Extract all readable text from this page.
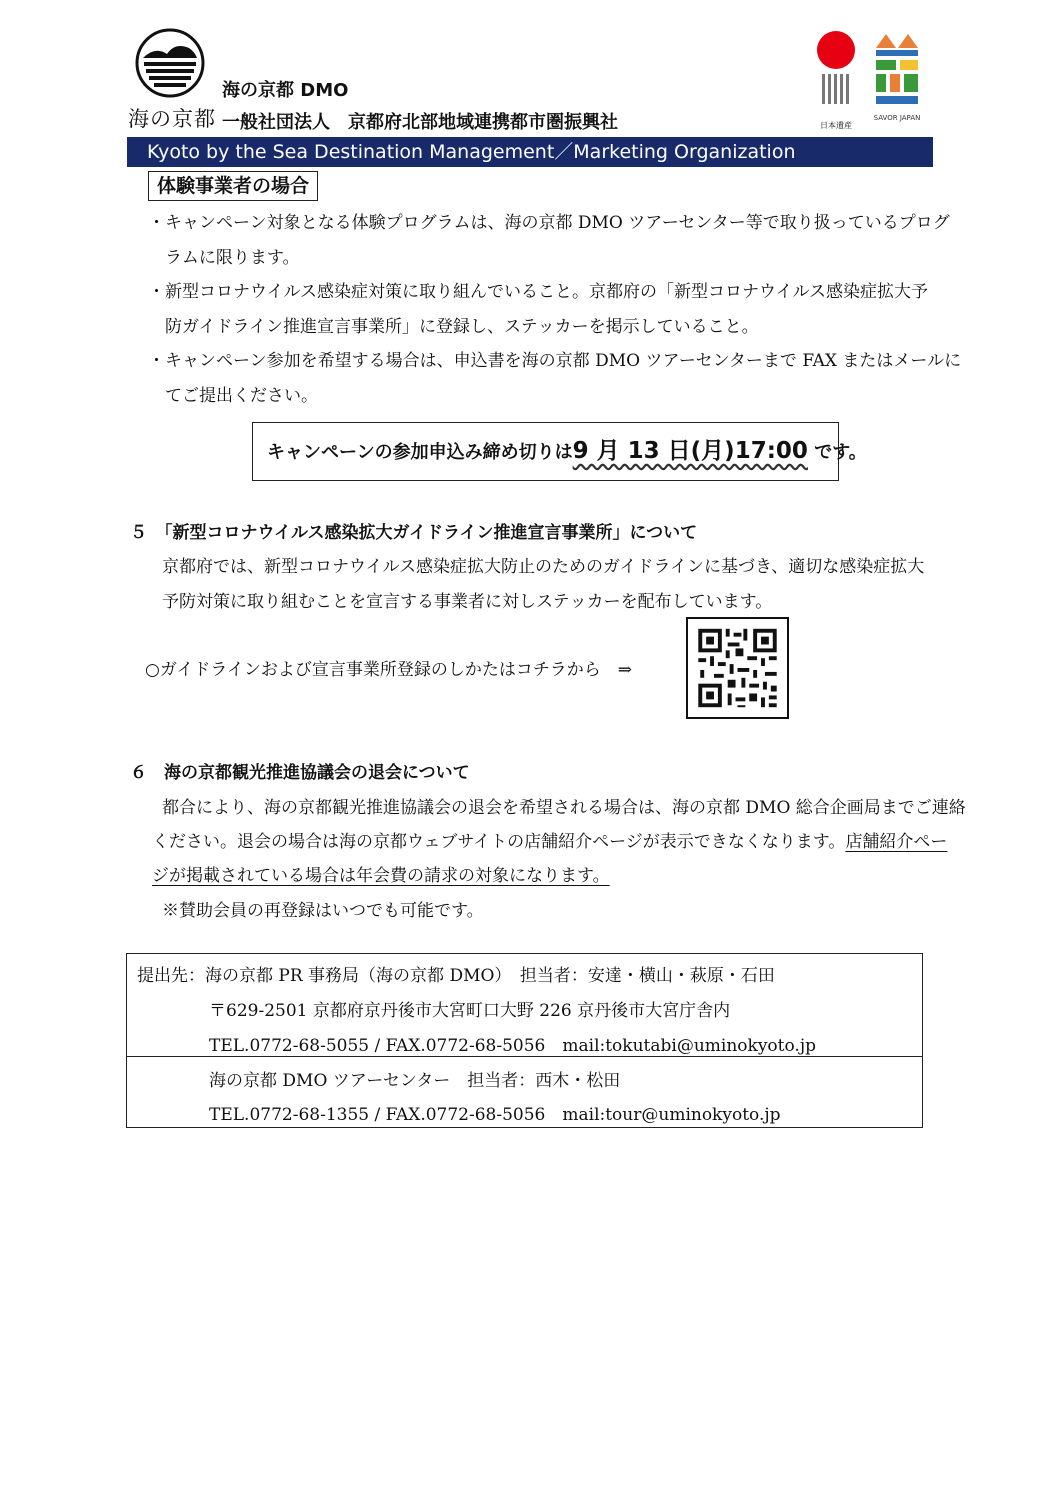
海の京都
海の京都 DMO
一般社団法人　京都府北部地域連携都市圏振興社	日本遺産
SAVOR JAPAN
Kyoto by the Sea Destination Management／Marketing Organization
体験事業者の場合
・キャンペーン対象となる体験プログラムは、海の京都 DMO ツアーセンター等で取り扱っているプログ
　ラムに限ります。
・新型コロナウイルス感染症対策に取り組んでいること。京都府の「新型コロナウイルス感染症拡大予
　防ガイドライン推進宣言事業所」に登録し、ステッカーを掲示していること。
・キャンペーン参加を希望する場合は、申込書を海の京都 DMO ツアーセンターまで FAX またはメールに
　てご提出ください。
キャンペーンの参加申込み締め切りは9 月 13 日(月)17:00 です。
５　「新型コロナウイルス感染拡大ガイドライン推進宣言事業所」について
京都府では、新型コロナウイルス感染症拡大防止のためのガイドラインに基づき、適切な感染症拡大
予防対策に取り組むことを宣言する事業者に対しステッカーを配布しています。
○ガイドラインおよび宣言事業所登録のしかたはコチラから　⇒
６　海の京都観光推進協議会の退会について
都合により、海の京都観光推進協議会の退会を希望される場合は、海の京都 DMO 総合企画局までご連絡
ください。退会の場合は海の京都ウェブサイトの店舗紹介ページが表示できなくなります。店舗紹介ペー
ジが掲載されている場合は年会費の請求の対象になります。
※賛助会員の再登録はいつでも可能です。
提出先：海の京都 PR 事務局（海の京都 DMO）　担当者：安達・横山・萩原・石田
〒629-2501 京都府京丹後市大宮町口大野 226 京丹後市大宮庁舎内
TEL.0772-68-5055 / FAX.0772-68-5056　mail:tokutabi@uminokyoto.jp
海の京都 DMO ツアーセンター　担当者：西木・松田
TEL.0772-68-1355 / FAX.0772-68-5056　mail:tour@uminokyoto.jp
